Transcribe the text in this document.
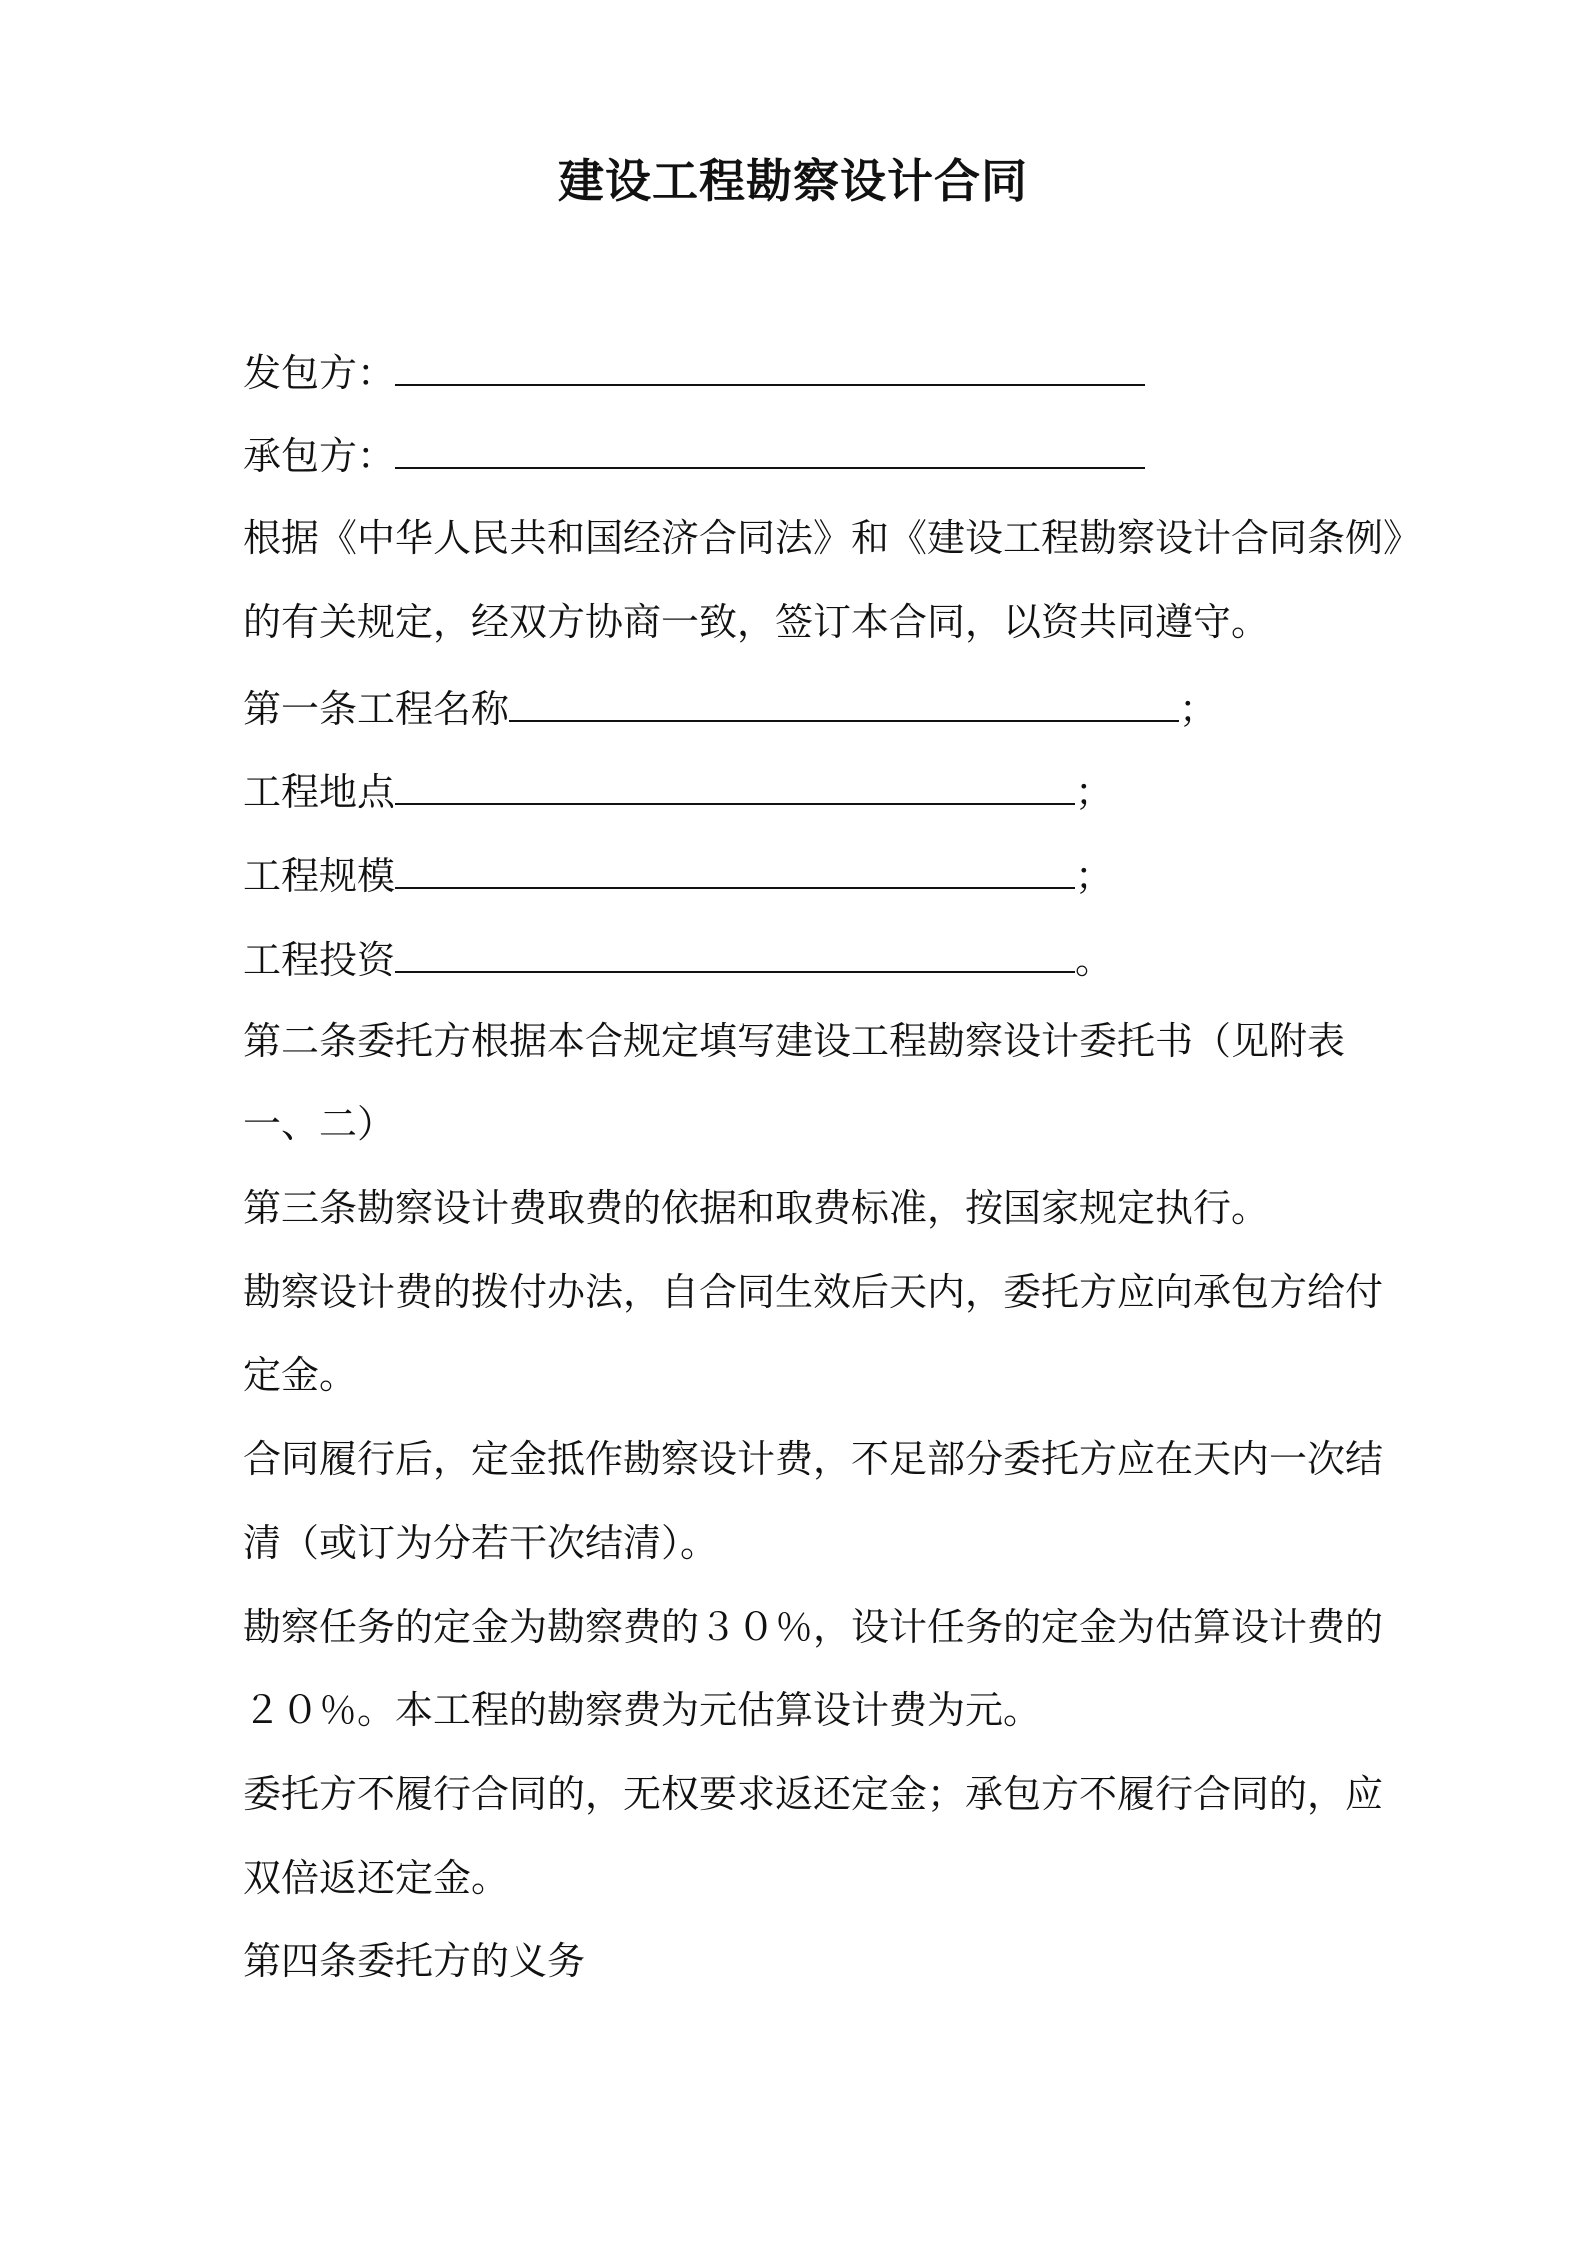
建设工程勘察设计合同
发包方：
承包方：
根据《中华人民共和国经济合同法》和《建设工程勘察设计合同条例》
的有关规定，经双方协商一致，签订本合同，以资共同遵守。
第一条工程名称	；
工程地点	；
工程规模	；
工程投资	。
第二条委托方根据本合规定填写建设工程勘察设计委托书（见附表
一、二）
第三条勘察设计费取费的依据和取费标准，按国家规定执行。
勘察设计费的拨付办法，自合同生效后天内，委托方应向承包方给付
定金。
合同履行后，定金抵作勘察设计费，不足部分委托方应在天内一次结
清（或订为分若干次结清）。
勘察任务的定金为勘察费的３０％，设计任务的定金为估算设计费的
２０％。本工程的勘察费为元估算设计费为元。
委托方不履行合同的，无权要求返还定金；承包方不履行合同的，应
双倍返还定金。
第四条委托方的义务
